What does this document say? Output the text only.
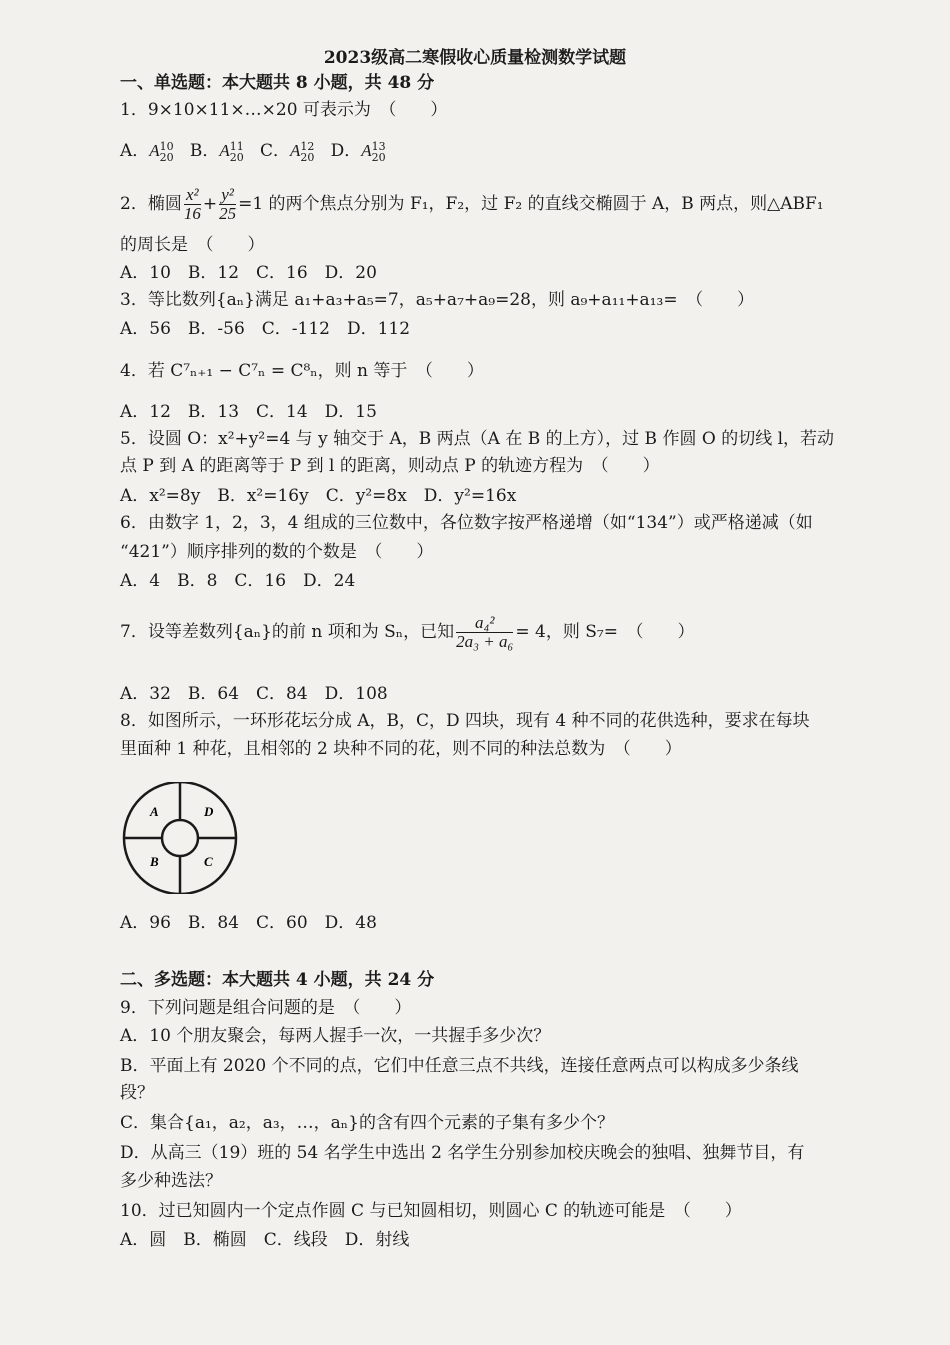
2023级高二寒假收心质量检测数学试题
一、单选题：本大题共 8 小题，共 48 分
1．9×10×11×…×20 可表示为　（　　）
A．A 10
20 B．A 11
20 C．A 12
20 D．A 13
20
2．椭圆 $\frac{\text{x²}}{16} + \frac{\text{y²}}{25} =1$ 的两个焦点分别为 F₁，F₂，过 F₂ 的直线交椭圆于 A，B 两点，则△ABF₁
的周长是　（　　）
A．10　B．12　C．16　D．20
3．等比数列{aₙ}满足 a₁+a₃+a₅=7，a₅+a₇+a₉=28，则 a₉+a₁₁+a₁₃=　（　　）
A．56　B．-56　C．-112　D．112
4．若 C⁷ₙ₊₁ − C⁷ₙ = C⁸ₙ，则 n 等于　（　　）
A．12　B．13　C．14　D．15
5．设圆 O：x²+y²=4 与 y 轴交于 A，B 两点（A 在 B 的上方），过 B 作圆 O 的切线 l，若动
点 P 到 A 的距离等于 P 到 l 的距离，则动点 P 的轨迹方程为　（　　）
A．x²=8y　B．x²=16y　C．y²=8x　D．y²=16x
6．由数字 1，2，3，4 组成的三位数中，各位数字按严格递增（如“134”）或严格递减（如
“421”）顺序排列的数的个数是　（　　）
A．4　B．8　C．16　D．24
7．设等差数列{aₙ}的前 n 项和为 Sₙ，已知 $\frac{\text{a₄²}}{\text{2a₃ + a₆}} = 4$，则 S₇=　（　　）
A．32　B．64　C．84　D．108
8．如图所示，一环形花坛分成 A，B，C，D 四块，现有 4 种不同的花供选种，要求在每块
里面种 1 种花，且相邻的 2 块种不同的花，则不同的种法总数为　（　　）
A	D
B	C
A．96　B．84　C．60　D．48
二、多选题：本大题共 4 小题，共 24 分
9．下列问题是组合问题的是　（　　）
A．10 个朋友聚会，每两人握手一次，一共握手多少次？
B．平面上有 2020 个不同的点，它们中任意三点不共线，连接任意两点可以构成多少条线
段？
C．集合{a₁，a₂，a₃，…，aₙ}的含有四个元素的子集有多少个？
D．从高三（19）班的 54 名学生中选出 2 名学生分别参加校庆晚会的独唱、独舞节目，有
多少种选法？
10．过已知圆内一个定点作圆 C 与已知圆相切，则圆心 C 的轨迹可能是　（　　）
A．圆　B．椭圆　C．线段　D．射线
